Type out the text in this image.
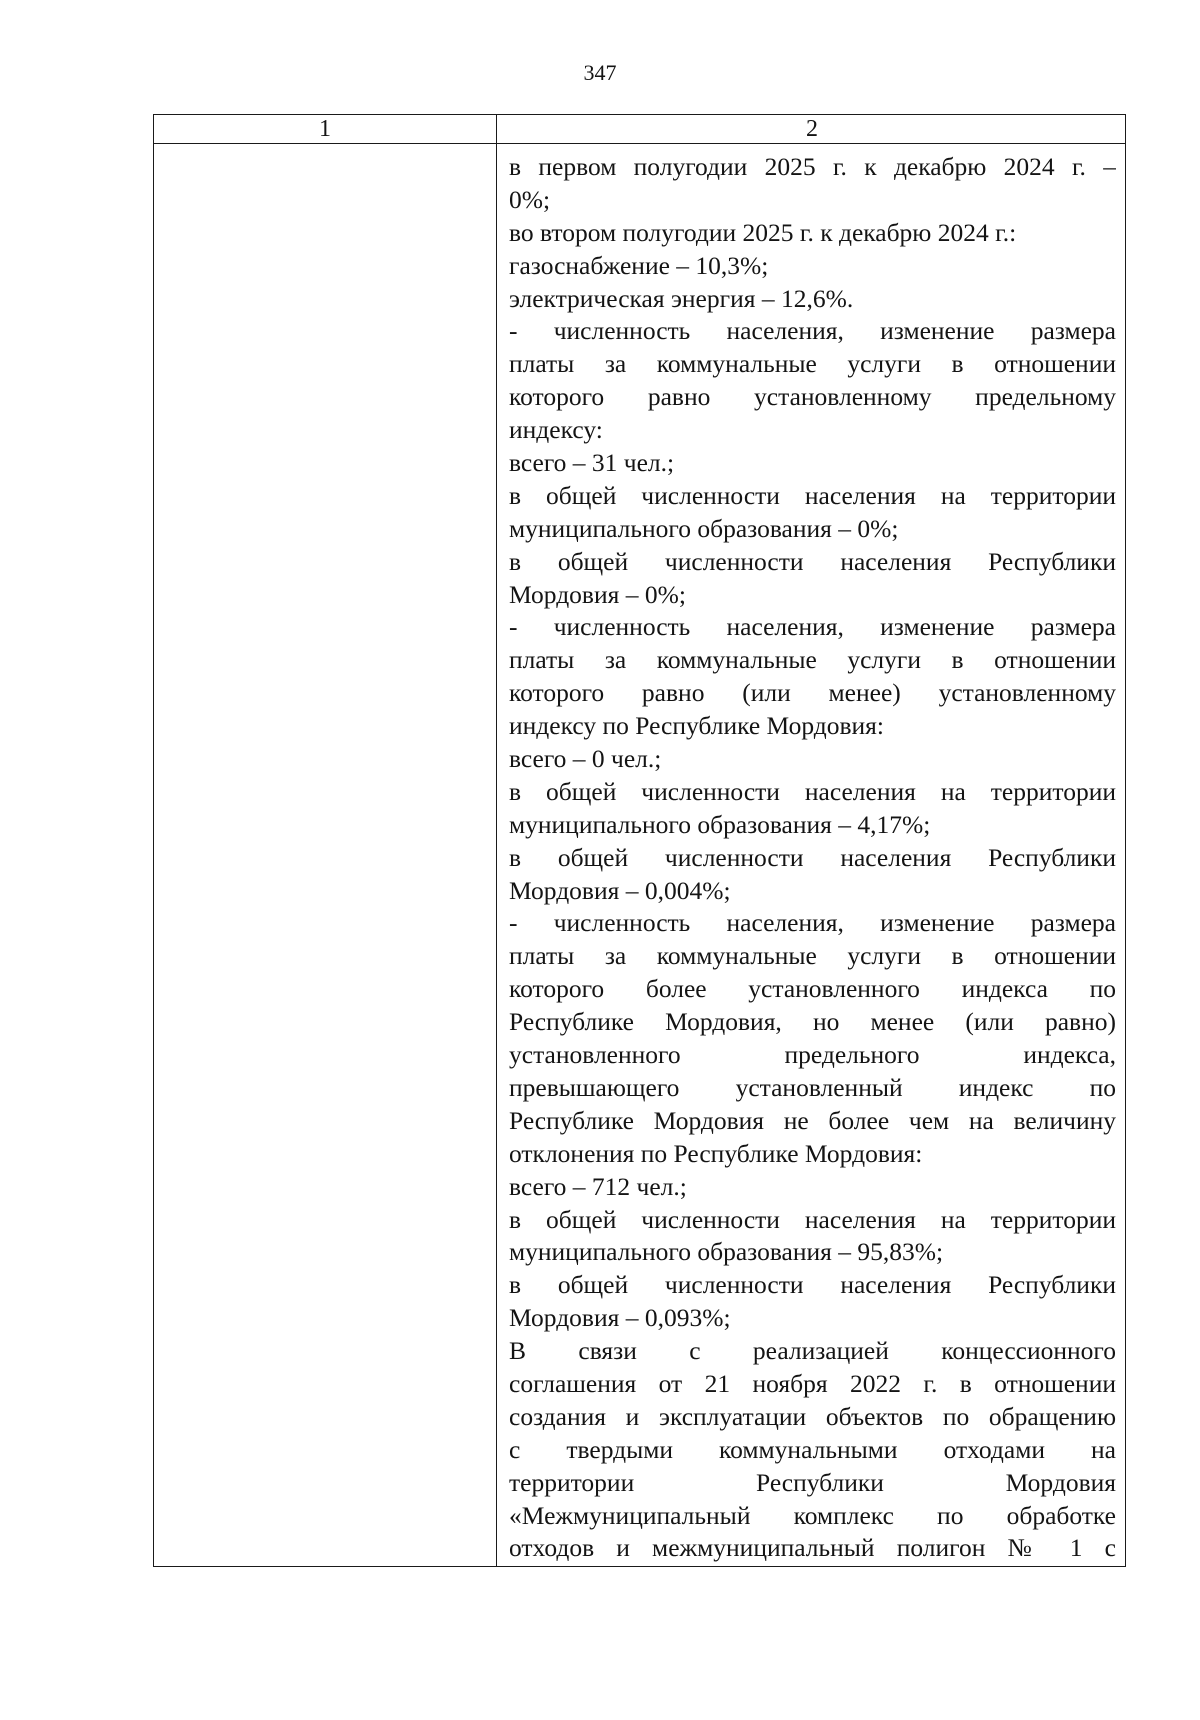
347
1	2
в первом полугодии 2025 г. к декабрю 2024 г. –
0%;
во втором полугодии 2025 г. к декабрю 2024 г.:
газоснабжение – 10,3%;
электрическая энергия – 12,6%.
- численность населения, изменение размера
платы за коммунальные услуги в отношении
которого равно установленному предельному
индексу:
всего – 31 чел.;
в общей численности населения на территории
муниципального образования – 0%;
в общей численности населения Республики
Мордовия – 0%;
- численность населения, изменение размера
платы за коммунальные услуги в отношении
которого равно (или менее) установленному
индексу по Республике Мордовия:
всего – 0 чел.;
в общей численности населения на территории
муниципального образования – 4,17%;
в общей численности населения Республики
Мордовия – 0,004%;
- численность населения, изменение размера
платы за коммунальные услуги в отношении
которого более установленного индекса по
Республике Мордовия, но менее (или равно)
установленного предельного индекса,
превышающего установленный индекс по
Республике Мордовия не более чем на величину
отклонения по Республике Мордовия:
всего – 712 чел.;
в общей численности населения на территории
муниципального образования – 95,83%;
в общей численности населения Республики
Мордовия – 0,093%;
В связи с реализацией концессионного
соглашения от 21 ноября 2022 г. в отношении
создания и эксплуатации объектов по обращению
с твердыми коммунальными отходами на
территории Республики Мордовия
«Межмуниципальный комплекс по обработке
отходов и межмуниципальный полигон № 1 с
